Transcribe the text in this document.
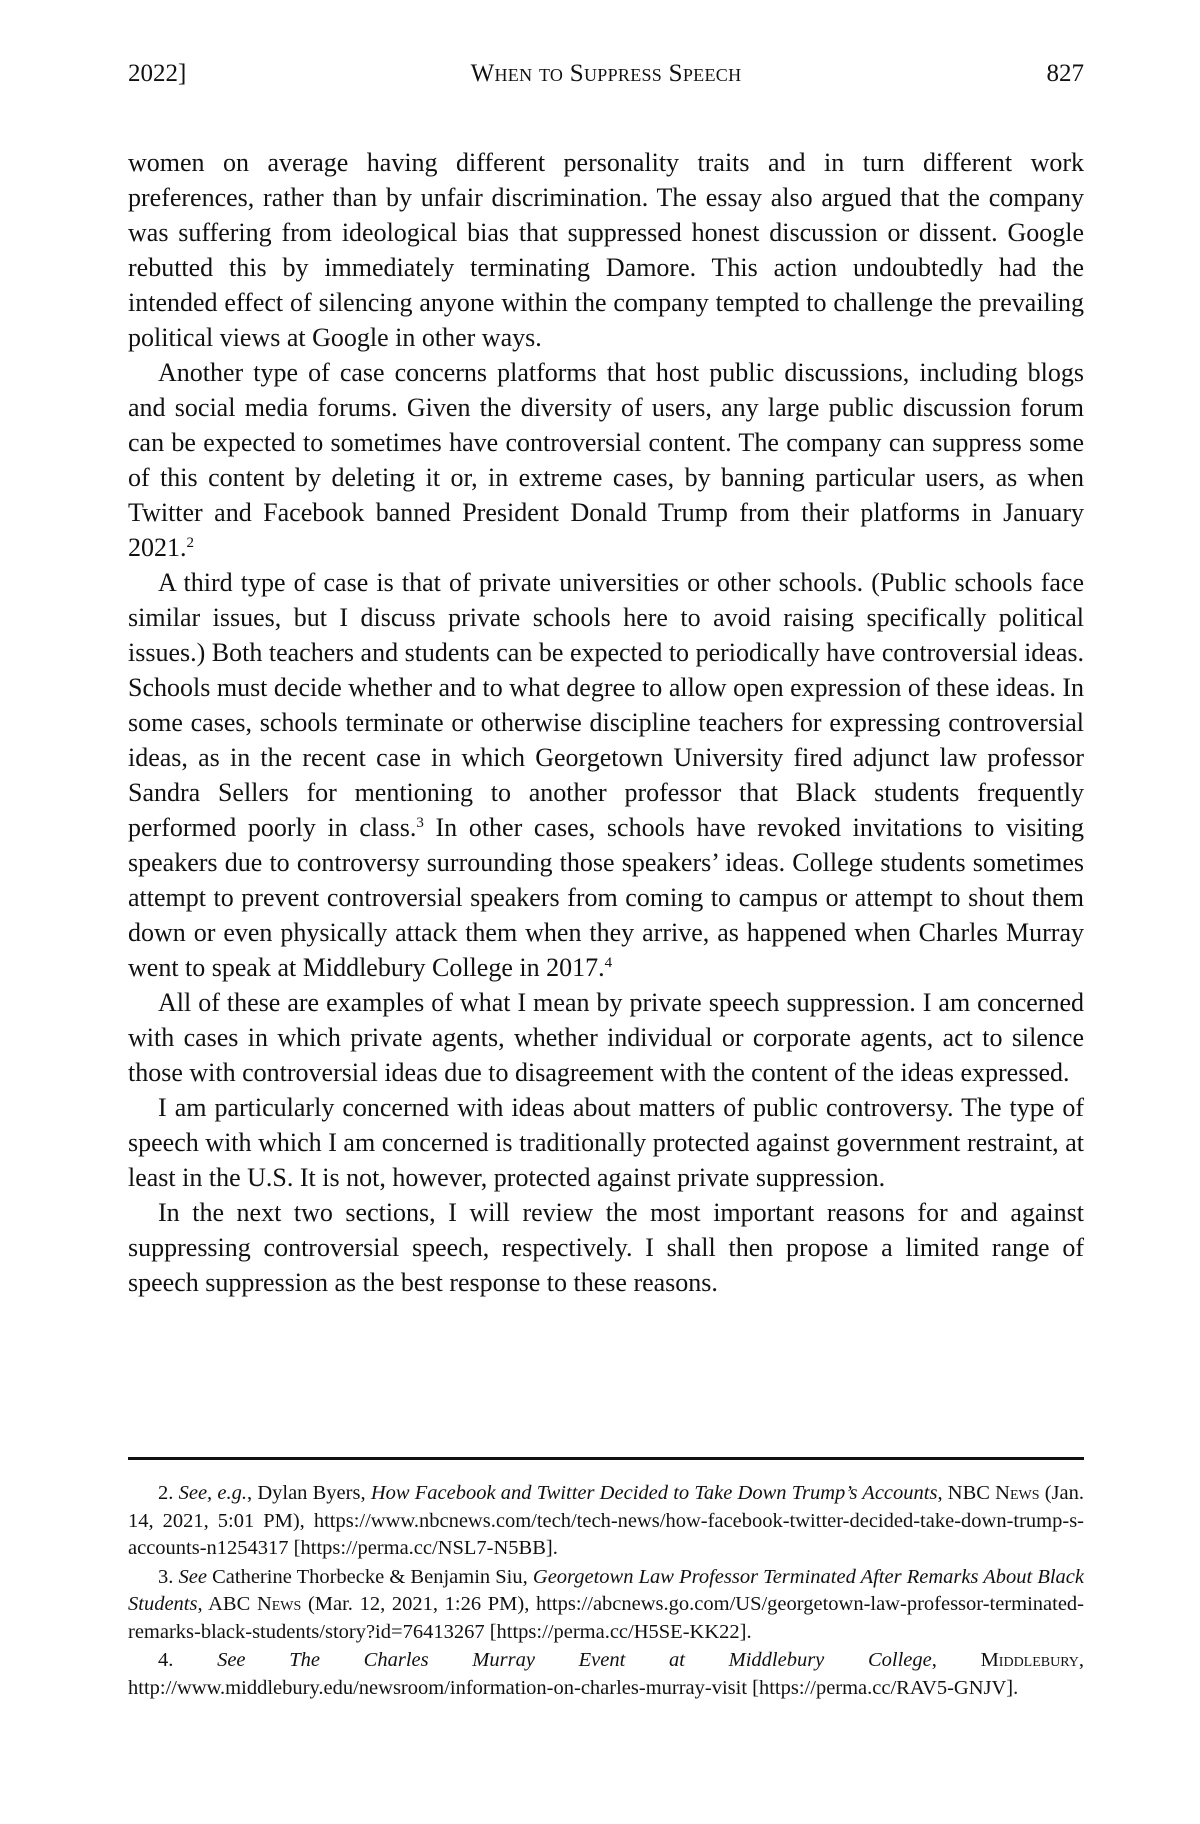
2022]	When to Suppress Speech	827

women on average having different personality traits and in turn different work preferences, rather than by unfair discrimination. The essay also argued that the company was suffering from ideological bias that suppressed honest discussion or dissent. Google rebutted this by immediately terminating Damore. This action undoubtedly had the intended effect of silencing anyone within the company tempted to challenge the prevailing political views at Google in other ways.

Another type of case concerns platforms that host public discussions, including blogs and social media forums. Given the diversity of users, any large public discussion forum can be expected to sometimes have controversial content. The company can suppress some of this content by deleting it or, in extreme cases, by banning particular users, as when Twitter and Facebook banned President Donald Trump from their platforms in January 2021.$^2$

A third type of case is that of private universities or other schools. (Public schools face similar issues, but I discuss private schools here to avoid raising specifically political issues.) Both teachers and students can be expected to periodically have controversial ideas. Schools must decide whether and to what degree to allow open expression of these ideas. In some cases, schools terminate or otherwise discipline teachers for expressing controversial ideas, as in the recent case in which Georgetown University fired adjunct law professor Sandra Sellers for mentioning to another professor that Black students frequently performed poorly in class.$^3$ In other cases, schools have revoked invitations to visiting speakers due to controversy surrounding those speakers’ ideas. College students sometimes attempt to prevent controversial speakers from coming to campus or attempt to shout them down or even physically attack them when they arrive, as happened when Charles Murray went to speak at Middlebury College in 2017.$^4$

All of these are examples of what I mean by private speech suppression. I am concerned with cases in which private agents, whether individual or corporate agents, act to silence those with controversial ideas due to disagreement with the content of the ideas expressed.

I am particularly concerned with ideas about matters of public controversy. The type of speech with which I am concerned is traditionally protected against government restraint, at least in the U.S. It is not, however, protected against private suppression.

In the next two sections, I will review the most important reasons for and against suppressing controversial speech, respectively. I shall then propose a limited range of speech suppression as the best response to these reasons.

2. See, e.g., Dylan Byers, How Facebook and Twitter Decided to Take Down Trump’s Accounts, NBC News (Jan. 14, 2021, 5:01 PM), https://www.nbcnews.com/tech/tech-news/how-facebook-twitter-decided-take-down-trump-s-accounts-n1254317 [https://perma.cc/NSL7-N5BB].

3. See Catherine Thorbecke & Benjamin Siu, Georgetown Law Professor Terminated After Remarks About Black Students, ABC News (Mar. 12, 2021, 1:26 PM), https://abcnews.go.com/US/georgetown-law-professor-terminated-remarks-black-students/story?id=76413267 [https://perma.cc/H5SE-KK22].

4. See The Charles Murray Event at Middlebury College, Middlebury, http://www.middlebury.edu/newsroom/information-on-charles-murray-visit [https://perma.cc/RAV5-GNJV].
